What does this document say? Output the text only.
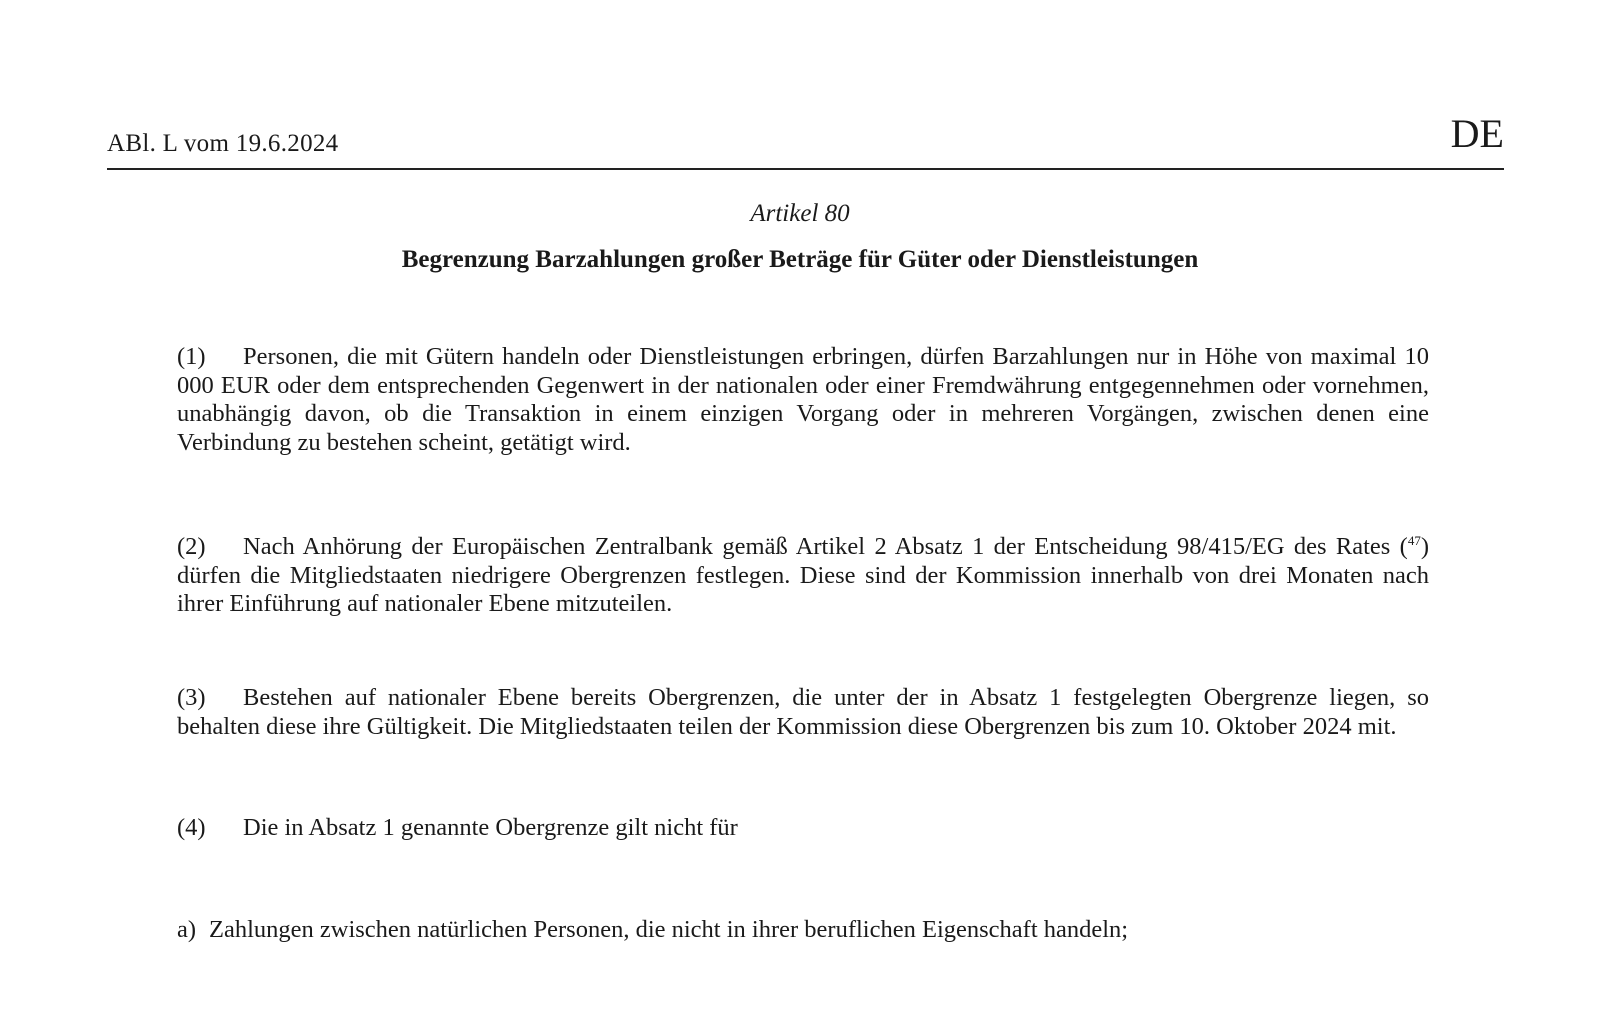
ABl. L vom 19.6.2024	DE
Artikel 80
Begrenzung Barzahlungen großer Beträge für Güter oder Dienstleistungen
(1) Personen, die mit Gütern handeln oder Dienstleistungen erbringen, dürfen Barzahlungen nur in Höhe von maximal 10 000 EUR oder dem entsprechenden Gegenwert in der nationalen oder einer Fremdwährung entgegennehmen oder vornehmen, unabhängig davon, ob die Transaktion in einem einzigen Vorgang oder in mehreren Vorgängen, zwischen denen eine Verbindung zu bestehen scheint, getätigt wird.
(2) Nach Anhörung der Europäischen Zentralbank gemäß Artikel 2 Absatz 1 der Entscheidung 98/415/EG des Rates ($^{47}$) dürfen die Mitgliedstaaten niedrigere Obergrenzen festlegen. Diese sind der Kommission innerhalb von drei Monaten nach ihrer Einführung auf nationaler Ebene mitzuteilen.
(3) Bestehen auf nationaler Ebene bereits Obergrenzen, die unter der in Absatz 1 festgelegten Obergrenze liegen, so behalten diese ihre Gültigkeit. Die Mitgliedstaaten teilen der Kommission diese Obergrenzen bis zum 10. Oktober 2024 mit.
(4) Die in Absatz 1 genannte Obergrenze gilt nicht für
a) Zahlungen zwischen natürlichen Personen, die nicht in ihrer beruflichen Eigenschaft handeln;
